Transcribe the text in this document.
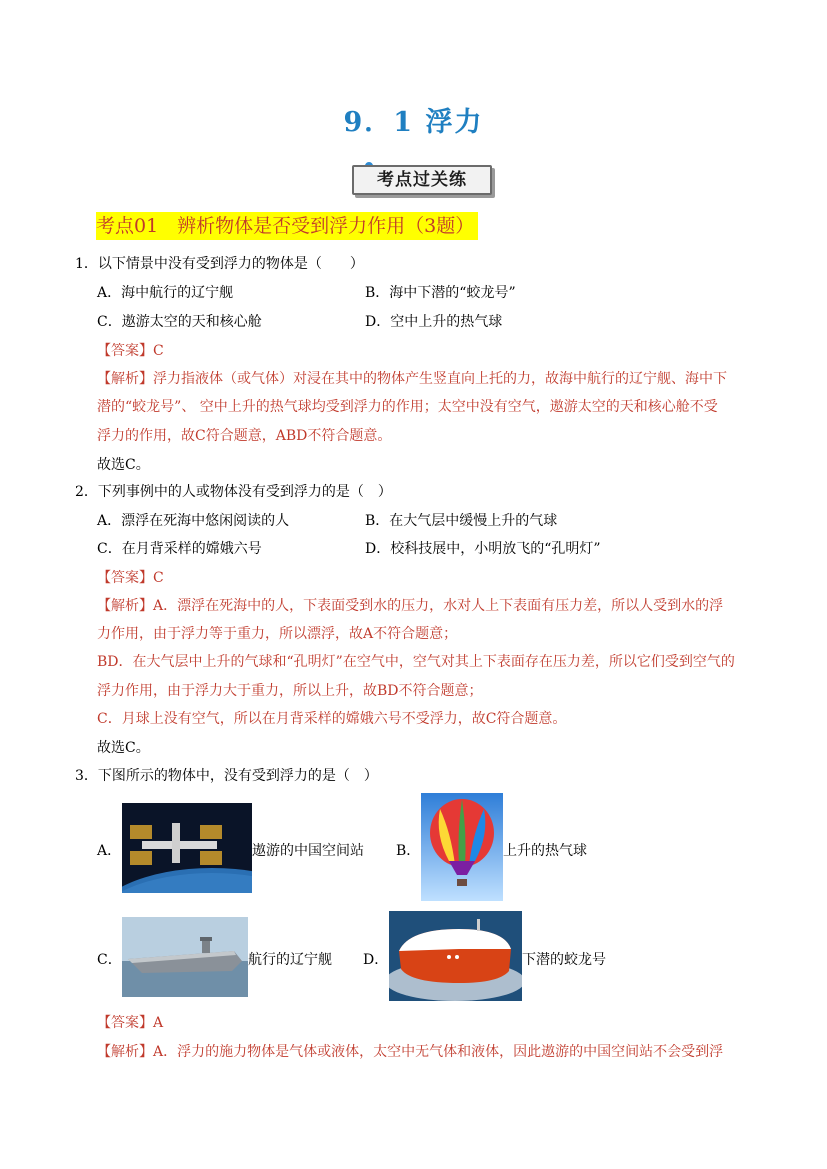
9．1 浮力
考点过关练
考点01　辨析物体是否受到浮力作用（3题）
1．以下情景中没有受到浮力的物体是（　　）
A．海中航行的辽宁舰	B．海中下潜的“蛟龙号”
C．遨游太空的天和核心舱	D．空中上升的热气球
【答案】C
【解析】浮力指液体（或气体）对浸在其中的物体产生竖直向上托的力，故海中航行的辽宁舰、海中下
潜的“蛟龙号”、 空中上升的热气球均受到浮力的作用；太空中没有空气，遨游太空的天和核心舱不受
浮力的作用，故C符合题意，ABD不符合题意。
故选C。
2．下列事例中的人或物体没有受到浮力的是（　）
A．漂浮在死海中悠闲阅读的人	B．在大气层中缓慢上升的气球
C．在月背采样的嫦娥六号	D．校科技展中，小明放飞的“孔明灯”
【答案】C
【解析】A．漂浮在死海中的人，下表面受到水的压力，水对人上下表面有压力差，所以人受到水的浮
力作用，由于浮力等于重力，所以漂浮，故A不符合题意；
BD．在大气层中上升的气球和“孔明灯”在空气中，空气对其上下表面存在压力差，所以它们受到空气的
浮力作用，由于浮力大于重力，所以上升，故BD不符合题意；
C．月球上没有空气，所以在月背采样的嫦娥六号不受浮力，故C符合题意。
故选C。
3．下图所示的物体中，没有受到浮力的是（　）
A．	遨游的中国空间站 B．	上升的热气球
C．	航行的辽宁舰 D．	下潜的蛟龙号
【答案】A
【解析】A．浮力的施力物体是气体或液体，太空中无气体和液体，因此遨游的中国空间站不会受到浮
